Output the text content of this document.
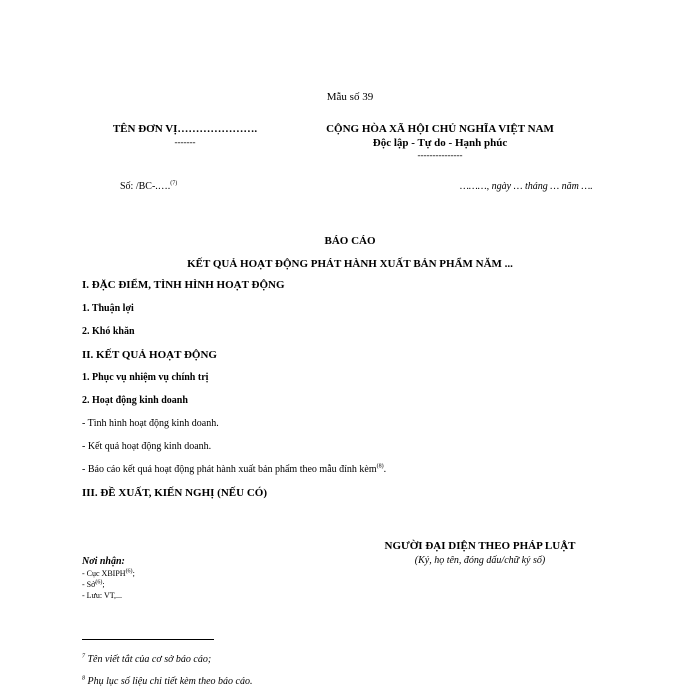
Mẫu số 39
TÊN ĐƠN VỊ………………….
-------
CỘNG HÒA XÃ HỘI CHỦ NGHĨA VIỆT NAM
Độc lập - Tự do - Hạnh phúc
---------------
Số: /BC-.….$^{(7)}$	………, ngày … tháng … năm ….
BÁO CÁO
KẾT QUẢ HOẠT ĐỘNG PHÁT HÀNH XUẤT BẢN PHẨM NĂM ...
I. ĐẶC ĐIỂM, TÌNH HÌNH HOẠT ĐỘNG
1. Thuận lợi
2. Khó khăn
II. KẾT QUẢ HOẠT ĐỘNG
1. Phục vụ nhiệm vụ chính trị
2. Hoạt động kinh doanh
- Tình hình hoạt động kinh doanh.
- Kết quả hoạt động kinh doanh.
- Báo cáo kết quả hoạt động phát hành xuất bản phẩm theo mẫu đính kèm$^{(8)}$.
III. ĐỀ XUẤT, KIẾN NGHỊ (NẾU CÓ)
NGƯỜI ĐẠI DIỆN THEO PHÁP LUẬT
(Ký, họ tên, đóng dấu/chữ ký số)
Nơi nhận:
- Cục XBIPH$^{(6)}$;
- Sở$^{(6)}$;
- Lưu: VT,...
$^7$ Tên viết tắt của cơ sở báo cáo;
$^8$ Phụ lục số liệu chi tiết kèm theo báo cáo.
